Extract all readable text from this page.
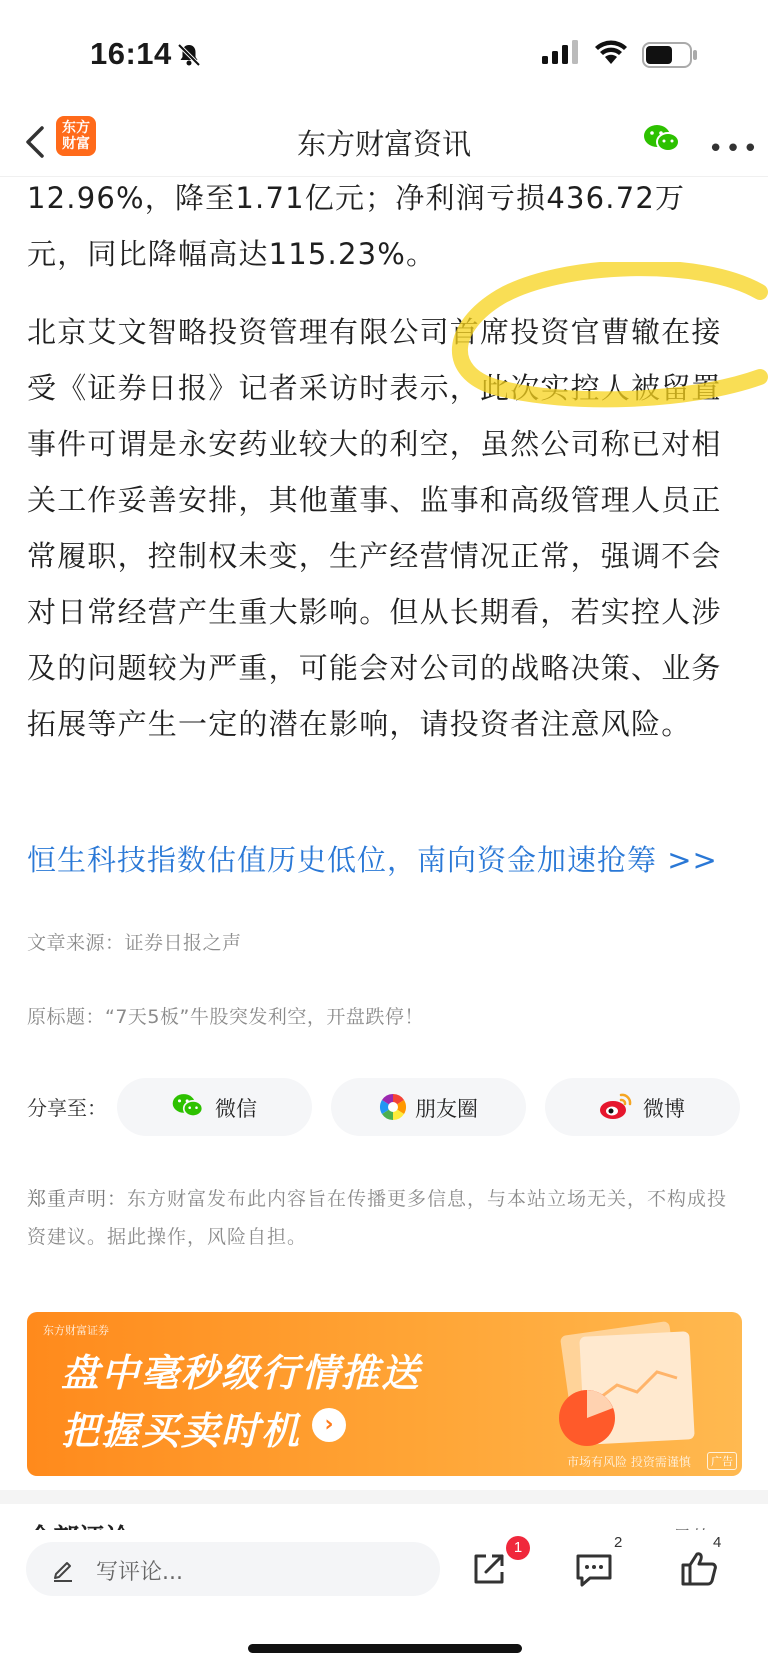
16:14
东方财富	东方财富资讯	•••

12.96%，降至1.71亿元；净利润亏损436.72万元，同比降幅高达115.23%。

北京艾文智略投资管理有限公司首席投资官曹辙在接受《证券日报》记者采访时表示，此次实控人被留置事件可谓是永安药业较大的利空，虽然公司称已对相关工作妥善安排，其他董事、监事和高级管理人员正常履职，控制权未变，生产经营情况正常，强调不会对日常经营产生重大影响。但从长期看，若实控人涉及的问题较为严重，可能会对公司的战略决策、业务拓展等产生一定的潜在影响，请投资者注意风险。

恒生科技指数估值历史低位，南向资金加速抢筹 >>
文章来源：证券日报之声
原标题：“7天5板”牛股突发利空，开盘跌停！
分享至：	微信	朋友圈	微博
郑重声明：东方财富发布此内容旨在传播更多信息，与本站立场无关，不构成投资建议。据此操作，风险自担。
东方财富证券
盘中毫秒级行情推送
把握买卖时机	›
市场有风险 投资需谨慎	广告
写评论...
1	2	4
